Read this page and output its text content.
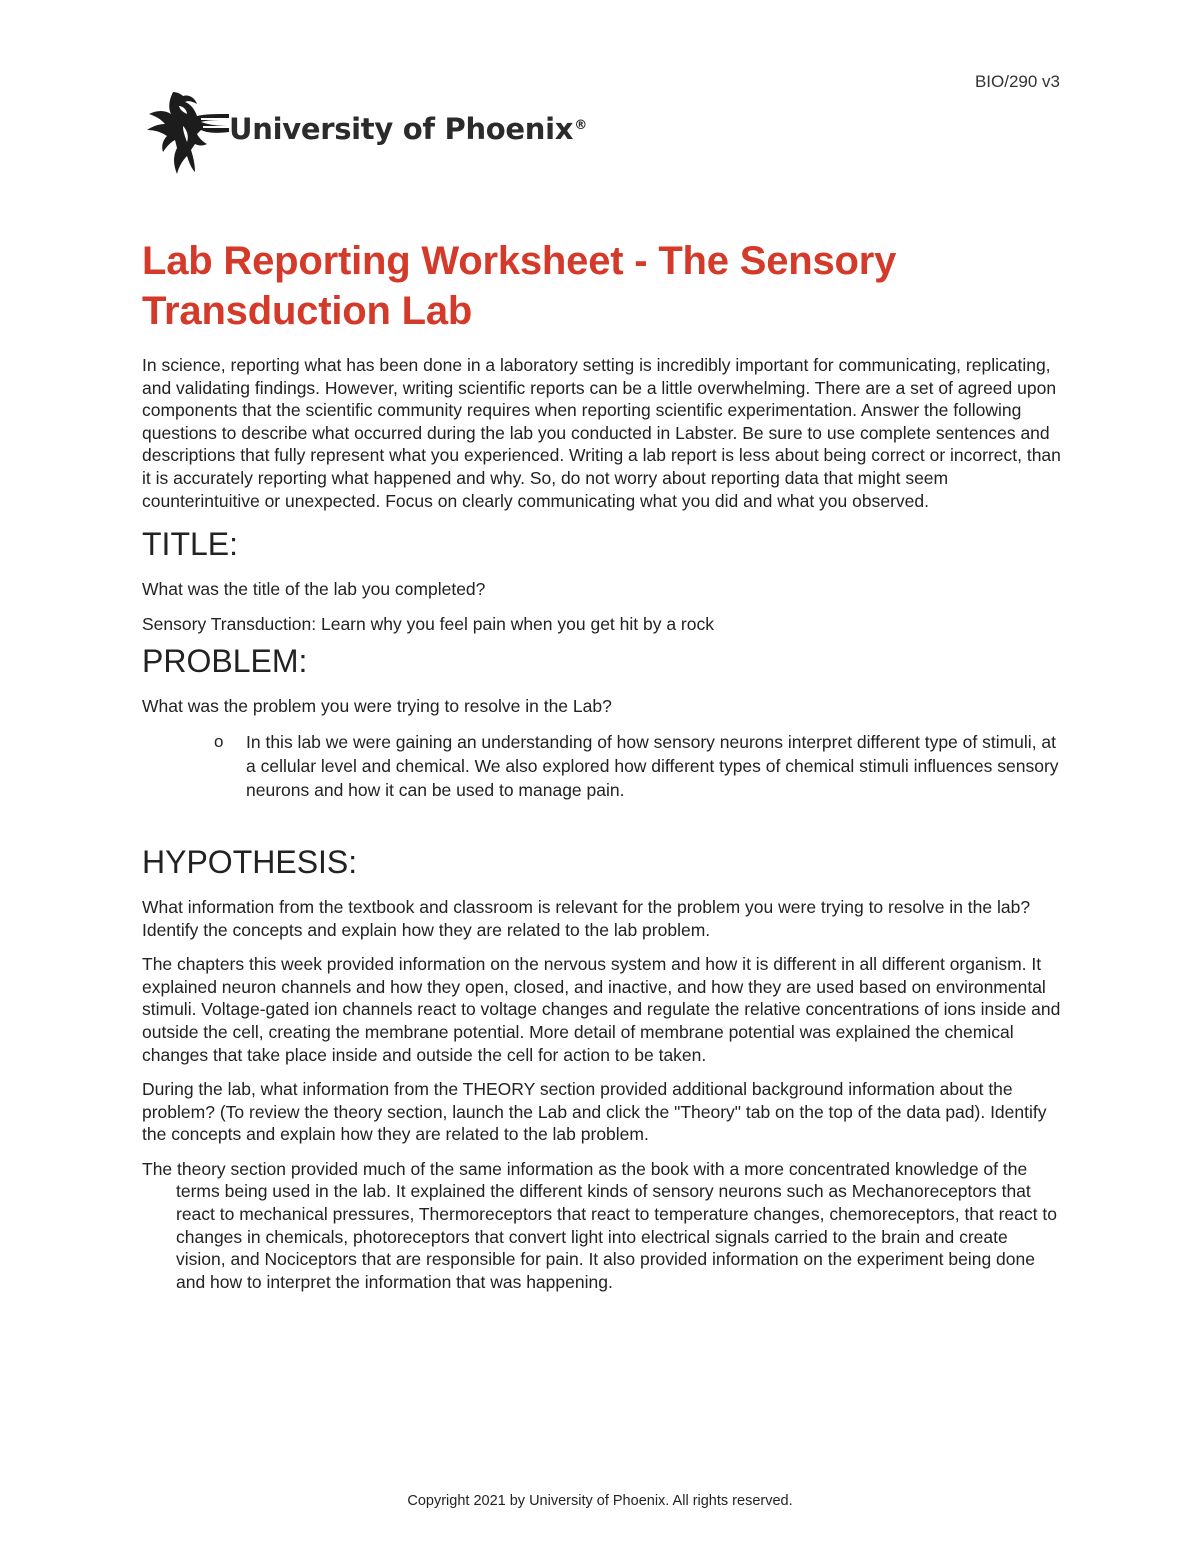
BIO/290 v3
University of Phoenix®
Lab Reporting Worksheet - The Sensory Transduction Lab

In science, reporting what has been done in a laboratory setting is incredibly important for communicating, replicating, and validating findings. However, writing scientific reports can be a little overwhelming. There are a set of agreed upon components that the scientific community requires when reporting scientific experimentation. Answer the following questions to describe what occurred during the lab you conducted in Labster. Be sure to use complete sentences and descriptions that fully represent what you experienced. Writing a lab report is less about being correct or incorrect, than it is accurately reporting what happened and why. So, do not worry about reporting data that might seem counterintuitive or unexpected. Focus on clearly communicating what you did and what you observed.

TITLE:

What was the title of the lab you completed?

Sensory Transduction: Learn why you feel pain when you get hit by a rock

PROBLEM:

What was the problem you were trying to resolve in the Lab?

o In this lab we were gaining an understanding of how sensory neurons interpret different type of stimuli, at a cellular level and chemical. We also explored how different types of chemical stimuli influences sensory neurons and how it can be used to manage pain.
HYPOTHESIS:

What information from the textbook and classroom is relevant for the problem you were trying to resolve in the lab? Identify the concepts and explain how they are related to the lab problem.

The chapters this week provided information on the nervous system and how it is different in all different organism. It explained neuron channels and how they open, closed, and inactive, and how they are used based on environmental stimuli. Voltage-gated ion channels react to voltage changes and regulate the relative concentrations of ions inside and outside the cell, creating the membrane potential. More detail of membrane potential was explained the chemical changes that take place inside and outside the cell for action to be taken.

During the lab, what information from the THEORY section provided additional background information about the problem? (To review the theory section, launch the Lab and click the "Theory" tab on the top of the data pad). Identify the concepts and explain how they are related to the lab problem.

The theory section provided much of the same information as the book with a more concentrated knowledge of the terms being used in the lab. It explained the different kinds of sensory neurons such as Mechanoreceptors that react to mechanical pressures, Thermoreceptors that react to temperature changes, chemoreceptors, that react to changes in chemicals, photoreceptors that convert light into electrical signals carried to the brain and create vision, and Nociceptors that are responsible for pain. It also provided information on the experiment being done and how to interpret the information that was happening.

Copyright 2021 by University of Phoenix. All rights reserved.
